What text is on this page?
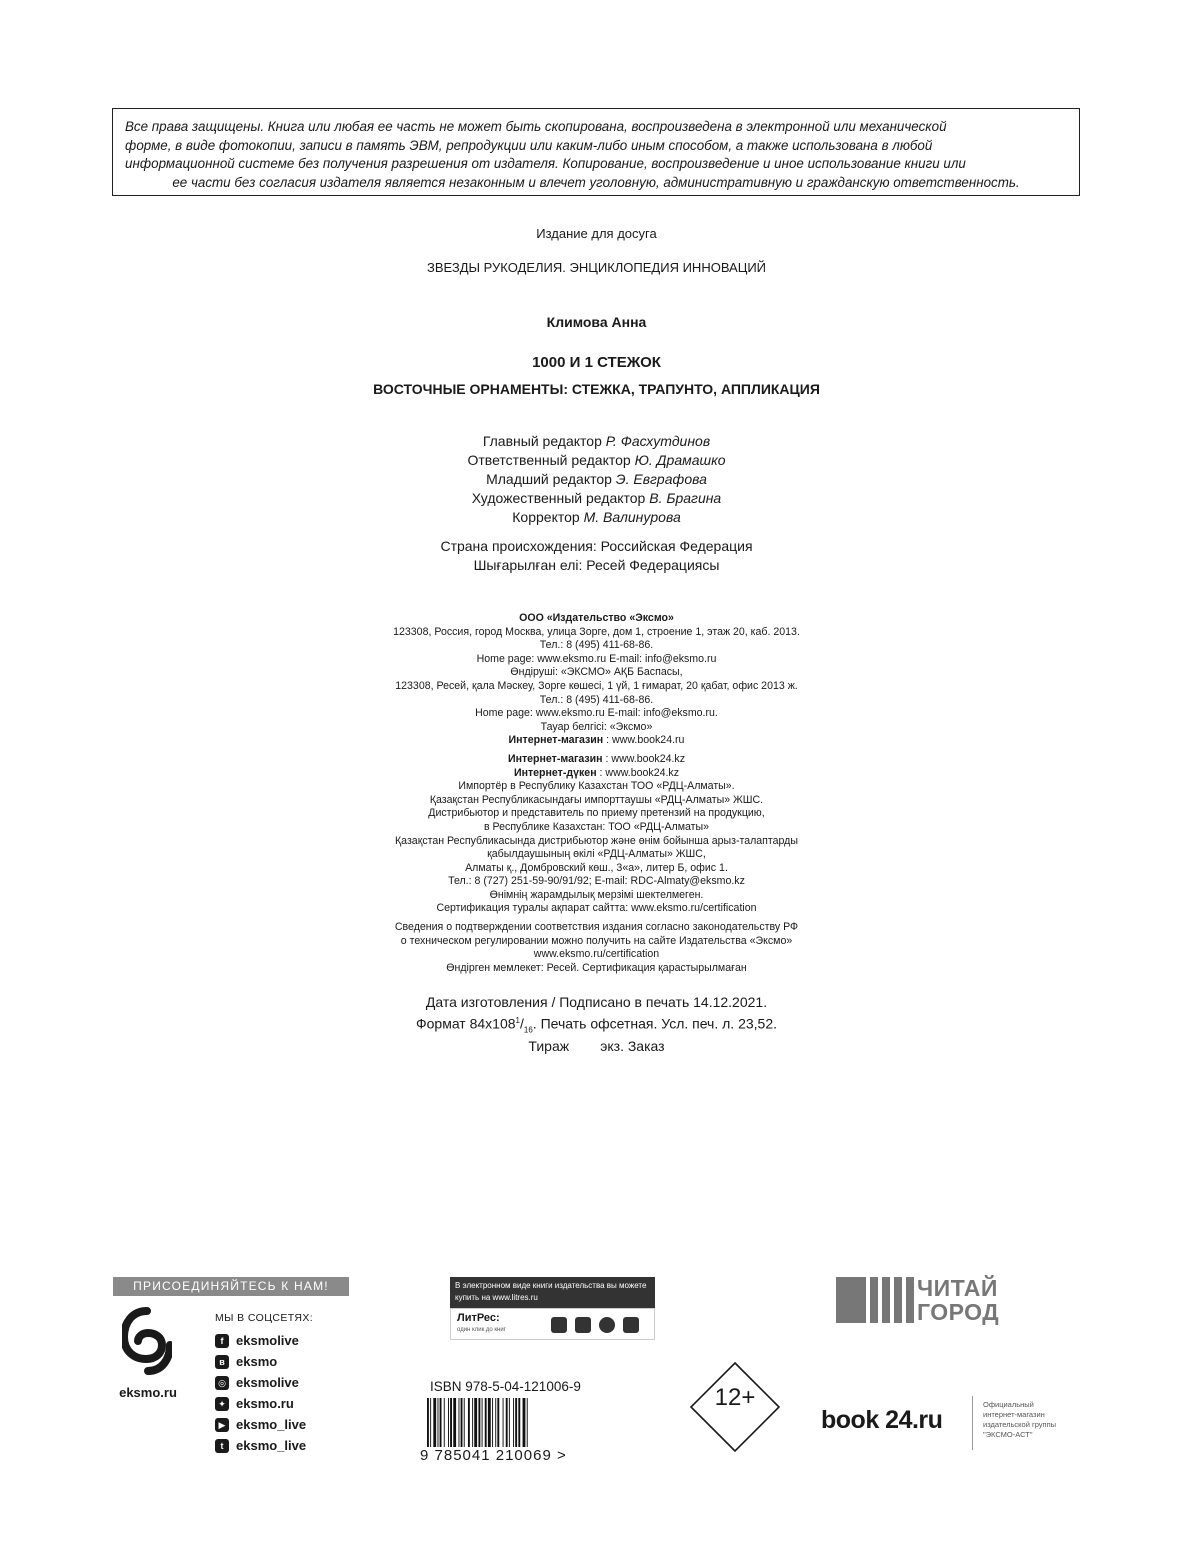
Все права защищены. Книга или любая ее часть не может быть скопирована, воспроизведена в электронной или механической
форме, в виде фотокопии, записи в память ЭВМ, репродукции или каким-либо иным способом, а также использована в любой
информационной системе без получения разрешения от издателя. Копирование, воспроизведение и иное использование книги или
ее части без согласия издателя является незаконным и влечет уголовную, административную и гражданскую ответственность.
Издание для досуга
ЗВЕЗДЫ РУКОДЕЛИЯ. ЭНЦИКЛОПЕДИЯ ИННОВАЦИЙ
Климова Анна
1000 И 1 СТЕЖОК
ВОСТОЧНЫЕ ОРНАМЕНТЫ: СТЕЖКА, ТРАПУНТО, АППЛИКАЦИЯ
Главный редактор Р. Фасхутдинов
Ответственный редактор Ю. Драмашко
Младший редактор Э. Евграфова
Художественный редактор В. Брагина
Корректор М. Валинурова
Страна происхождения: Российская Федерация
Шығарылған елі: Ресей Федерациясы
ООО «Издательство «Эксмо»
123308, Россия, город Москва, улица Зорге, дом 1, строение 1, этаж 20, каб. 2013.
Тел.: 8 (495) 411-68-86.
Home page: www.eksmo.ru E-mail: info@eksmo.ru
Өндіруші: «ЭКСМО» АҚБ Баспасы,
123308, Ресей, қала Мәскеу, Зорге көшесі, 1 үй, 1 ғимарат, 20 қабат, офис 2013 ж.
Тел.: 8 (495) 411-68-86.
Home page: www.eksmo.ru E-mail: info@eksmo.ru.
Тауар белгісі: «Эксмо»
Интернет-магазин : www.book24.ru
Интернет-магазин : www.book24.kz
Интернет-дүкен : www.book24.kz
Импортёр в Республику Казахстан ТОО «РДЦ-Алматы».
Қазақстан Республикасындағы импорттаушы «РДЦ-Алматы» ЖШС.
Дистрибьютор и представитель по приему претензий на продукцию,
в Республике Казахстан: ТОО «РДЦ-Алматы»
Қазақстан Республикасында дистрибьютор және өнім бойынша арыз-талаптарды
қабылдаушының өкілі «РДЦ-Алматы» ЖШС,
Алматы қ., Домбровский көш., 3«а», литер Б, офис 1.
Тел.: 8 (727) 251-59-90/91/92; E-mail: RDC-Almaty@eksmo.kz
Өнімнің жарамдылық мерзімі шектелмеген.
Сертификация туралы ақпарат сайтта: www.eksmo.ru/certification
Сведения о подтверждении соответствия издания согласно законодательству РФ
о техническом регулировании можно получить на сайте Издательства «Эксмо»
www.eksmo.ru/certification
Өндірген мемлекет: Ресей. Сертификация қарастырылмаған
Дата изготовления / Подписано в печать 14.12.2021.
Формат $84х108^1/_{16}$. Печать офсетная. Усл. печ. л. 23,52.
Тираж        экз. Заказ
ПРИСОЕДИНЯЙТЕСЬ К НАМ!
eksmo.ru
МЫ В СОЦСЕТЯХ:
f eksmolive
в eksmo
◎ eksmolive
✦ eksmo.ru
▶ eksmo_live
t eksmo_live
В электронном виде книги издательства вы можете
купить на www.litres.ru
ЛитРес:
один клик до книг
ISBN 978-5-04-121006-9
9 785041 210069 >
12+
ЧИТАЙ
ГОРОД
book 24.ru
Официальный
интернет-магазин
издательской группы
"ЭКСМО-АСТ"
